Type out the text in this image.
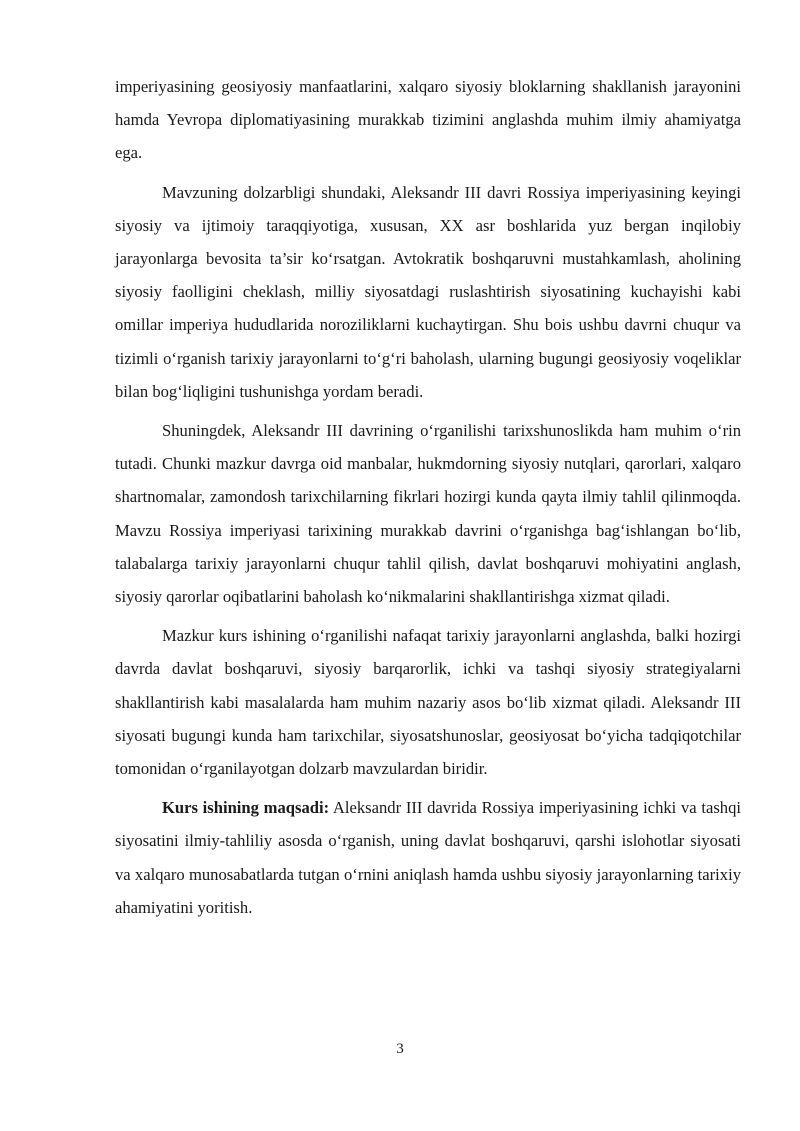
imperiyasining geosiyosiy manfaatlarini, xalqaro siyosiy bloklarning shakllanish jarayonini hamda Yevropa diplomatiyasining murakkab tizimini anglashda muhim ilmiy ahamiyatga ega.

Mavzuning dolzarbligi shundaki, Aleksandr III davri Rossiya imperiyasining keyingi siyosiy va ijtimoiy taraqqiyotiga, xususan, XX asr boshlarida yuz bergan inqilobiy jarayonlarga bevosita ta’sir ko‘rsatgan. Avtokratik boshqaruvni mustahkamlash, aholining siyosiy faolligini cheklash, milliy siyosatdagi ruslashtirish siyosatining kuchayishi kabi omillar imperiya hududlarida noroziliklarni kuchaytirgan. Shu bois ushbu davrni chuqur va tizimli o‘rganish tarixiy jarayonlarni to‘g‘ri baholash, ularning bugungi geosiyosiy voqeliklar bilan bog‘liqligini tushunishga yordam beradi.

Shuningdek, Aleksandr III davrining o‘rganilishi tarixshunoslikda ham muhim o‘rin tutadi. Chunki mazkur davrga oid manbalar, hukmdorning siyosiy nutqlari, qarorlari, xalqaro shartnomalar, zamondosh tarixchilarning fikrlari hozirgi kunda qayta ilmiy tahlil qilinmoqda. Mavzu Rossiya imperiyasi tarixining murakkab davrini o‘rganishga bag‘ishlangan bo‘lib, talabalarga tarixiy jarayonlarni chuqur tahlil qilish, davlat boshqaruvi mohiyatini anglash, siyosiy qarorlar oqibatlarini baholash ko‘nikmalarini shakllantirishga xizmat qiladi.

Mazkur kurs ishining o‘rganilishi nafaqat tarixiy jarayonlarni anglashda, balki hozirgi davrda davlat boshqaruvi, siyosiy barqarorlik, ichki va tashqi siyosiy strategiyalarni shakllantirish kabi masalalarda ham muhim nazariy asos bo‘lib xizmat qiladi. Aleksandr III siyosati bugungi kunda ham tarixchilar, siyosatshunoslar, geosiyosat bo‘yicha tadqiqotchilar tomonidan o‘rganilayotgan dolzarb mavzulardan biridir.

Kurs ishining maqsadi: Aleksandr III davrida Rossiya imperiyasining ichki va tashqi siyosatini ilmiy-tahliliy asosda o‘rganish, uning davlat boshqaruvi, qarshi islohotlar siyosati va xalqaro munosabatlarda tutgan o‘rnini aniqlash hamda ushbu siyosiy jarayonlarning tarixiy ahamiyatini yoritish.

3
